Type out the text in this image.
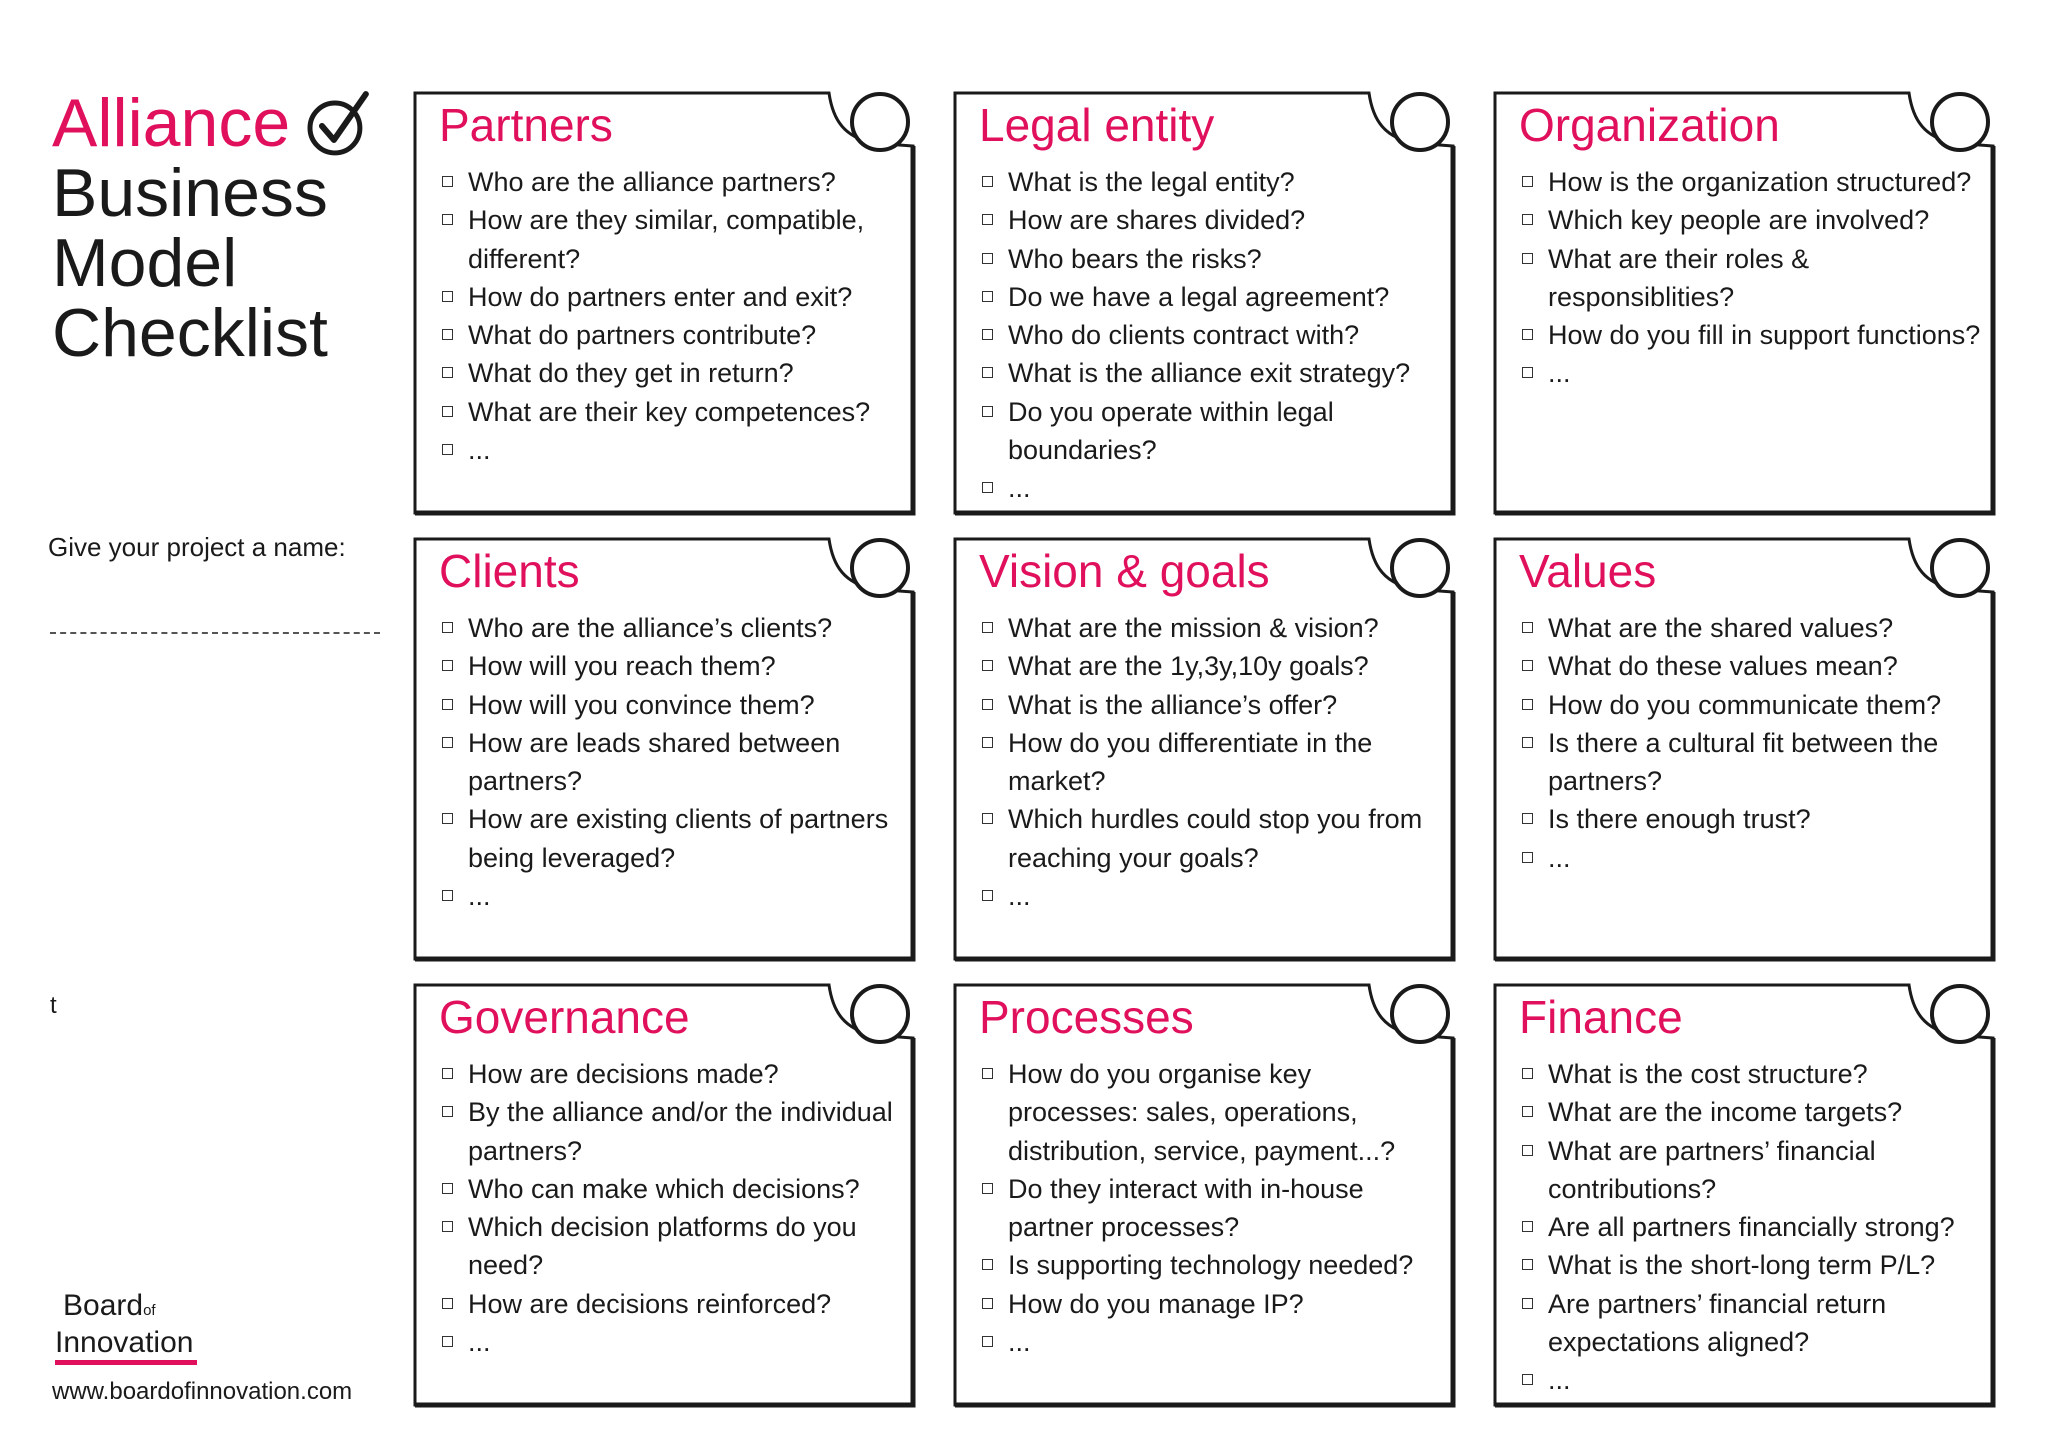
Alliance
Business
Model
Checklist
Give your project a name:
t
Boardof
Innovation
www.boardofinnovation.com
Partners
Who are the alliance partners?
How are they similar, compatible, different?
How do partners enter and exit?
What do partners contribute?
What do they get in return?
What are their key competences?
...
Legal entity
What is the legal entity?
How are shares divided?
Who bears the risks?
Do we have a legal agreement?
Who do clients contract with?
What is the alliance exit strategy?
Do you operate within legal boundaries?
...
Organization
How is the organization structured?
Which key people are involved?
What are their roles & responsiblities?
How do you fill in support functions?
...
Clients
Who are the alliance’s clients?
How will you reach them?
How will you convince them?
How are leads shared between partners?
How are existing clients of partners being leveraged?
...
Vision & goals
What are the mission & vision?
What are the 1y,3y,10y goals?
What is the alliance’s offer?
How do you differentiate in the market?
Which hurdles could stop you from reaching your goals?
...
Values
What are the shared values?
What do these values mean?
How do you communicate them?
Is there a cultural fit between the partners?
Is there enough trust?
...
Governance
How are decisions made?
By the alliance and/or the individual partners?
Who can make which decisions?
Which decision platforms do you need?
How are decisions reinforced?
...
Processes
How do you organise key processes: sales, operations, distribution, service, payment...?
Do they interact with in-house partner processes?
Is supporting technology needed?
How do you manage IP?
...
Finance
What is the cost structure?
What are the income targets?
What are partners’ financial contributions?
Are all partners financially strong?
What is the short-long term P/L?
Are partners’ financial return expectations aligned?
...
